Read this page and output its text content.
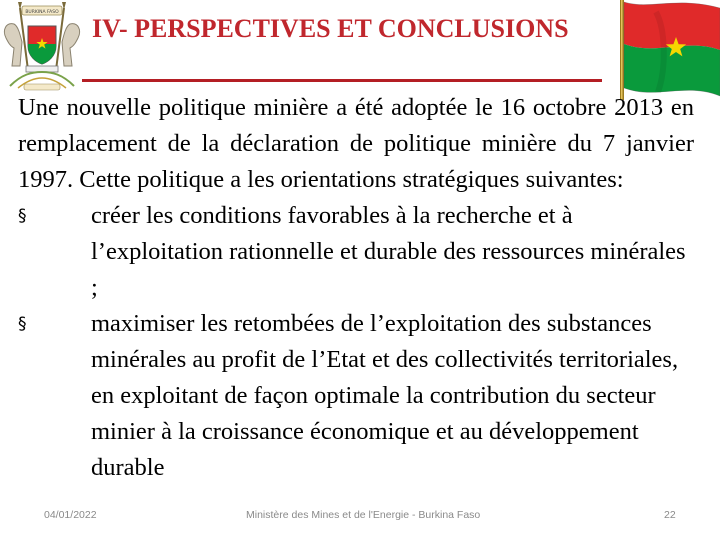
BURKINA FASO
IV- PERSPECTIVES ET CONCLUSIONS

Une nouvelle politique minière a été adoptée le 16 octobre 2013 en remplacement de la déclaration de politique minière du 7 janvier 1997. Cette politique a les orientations stratégiques suivantes:

§	créer les conditions favorables à la recherche et à l’exploitation rationnelle et durable des ressources minérales ;
§	maximiser les retombées de l’exploitation des substances minérales au profit de l’Etat et des collectivités territoriales, en exploitant de façon optimale la contribution du secteur minier à la croissance économique et au développement durable
04/01/2022	Ministère des Mines et de l'Energie - Burkina Faso	22
